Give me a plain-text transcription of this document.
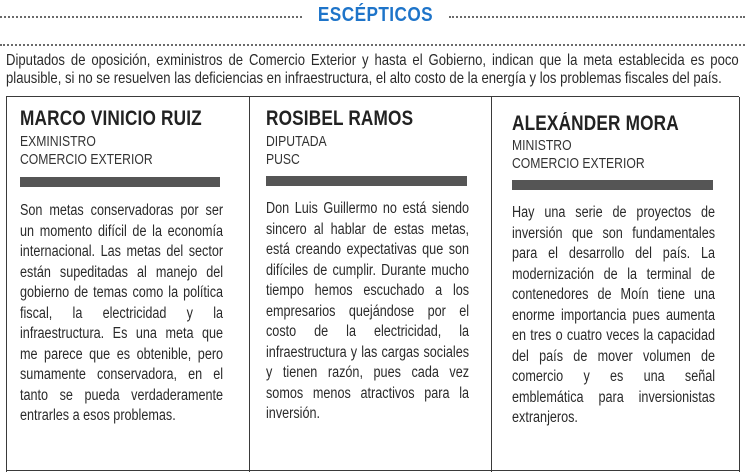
ESCÉPTICOS
Diputados de oposición, exministros de Comercio Exterior y hasta el Gobierno, indican que la meta establecida es poco plausible, si no se resuelven las deficiencias en infraestructura, el alto costo de la energía y los problemas fiscales del país.
MARCO VINICIO RUIZ
EXMINISTRO
COMERCIO EXTERIOR
Son metas conservadoras por ser un momento difícil de la economía internacional. Las metas del sector están supeditadas al manejo del gobierno de temas como la política fiscal, la electricidad y la infraestructura. Es una meta que me parece que es obtenible, pero sumamente conservadora, en el tanto se pueda verdaderamente entrarles a esos problemas.
ROSIBEL RAMOS
DIPUTADA
PUSC
Don Luis Guillermo no está siendo sincero al hablar de estas metas, está creando expectativas que son difíciles de cumplir. Durante mucho tiempo hemos escuchado a los empresarios quejándose por el costo de la electricidad, la infraestructura y las cargas sociales y tienen razón, pues cada vez somos menos atractivos para la inversión.
ALEXÁNDER MORA
MINISTRO
COMERCIO EXTERIOR
Hay una serie de proyectos de inversión que son fundamentales para el desarrollo del país. La modernización de la terminal de contenedores de Moín tiene una enorme importancia pues aumenta en tres o cuatro veces la capacidad del país de mover volumen de comercio y es una señal emblemática para inversionistas extranjeros.
